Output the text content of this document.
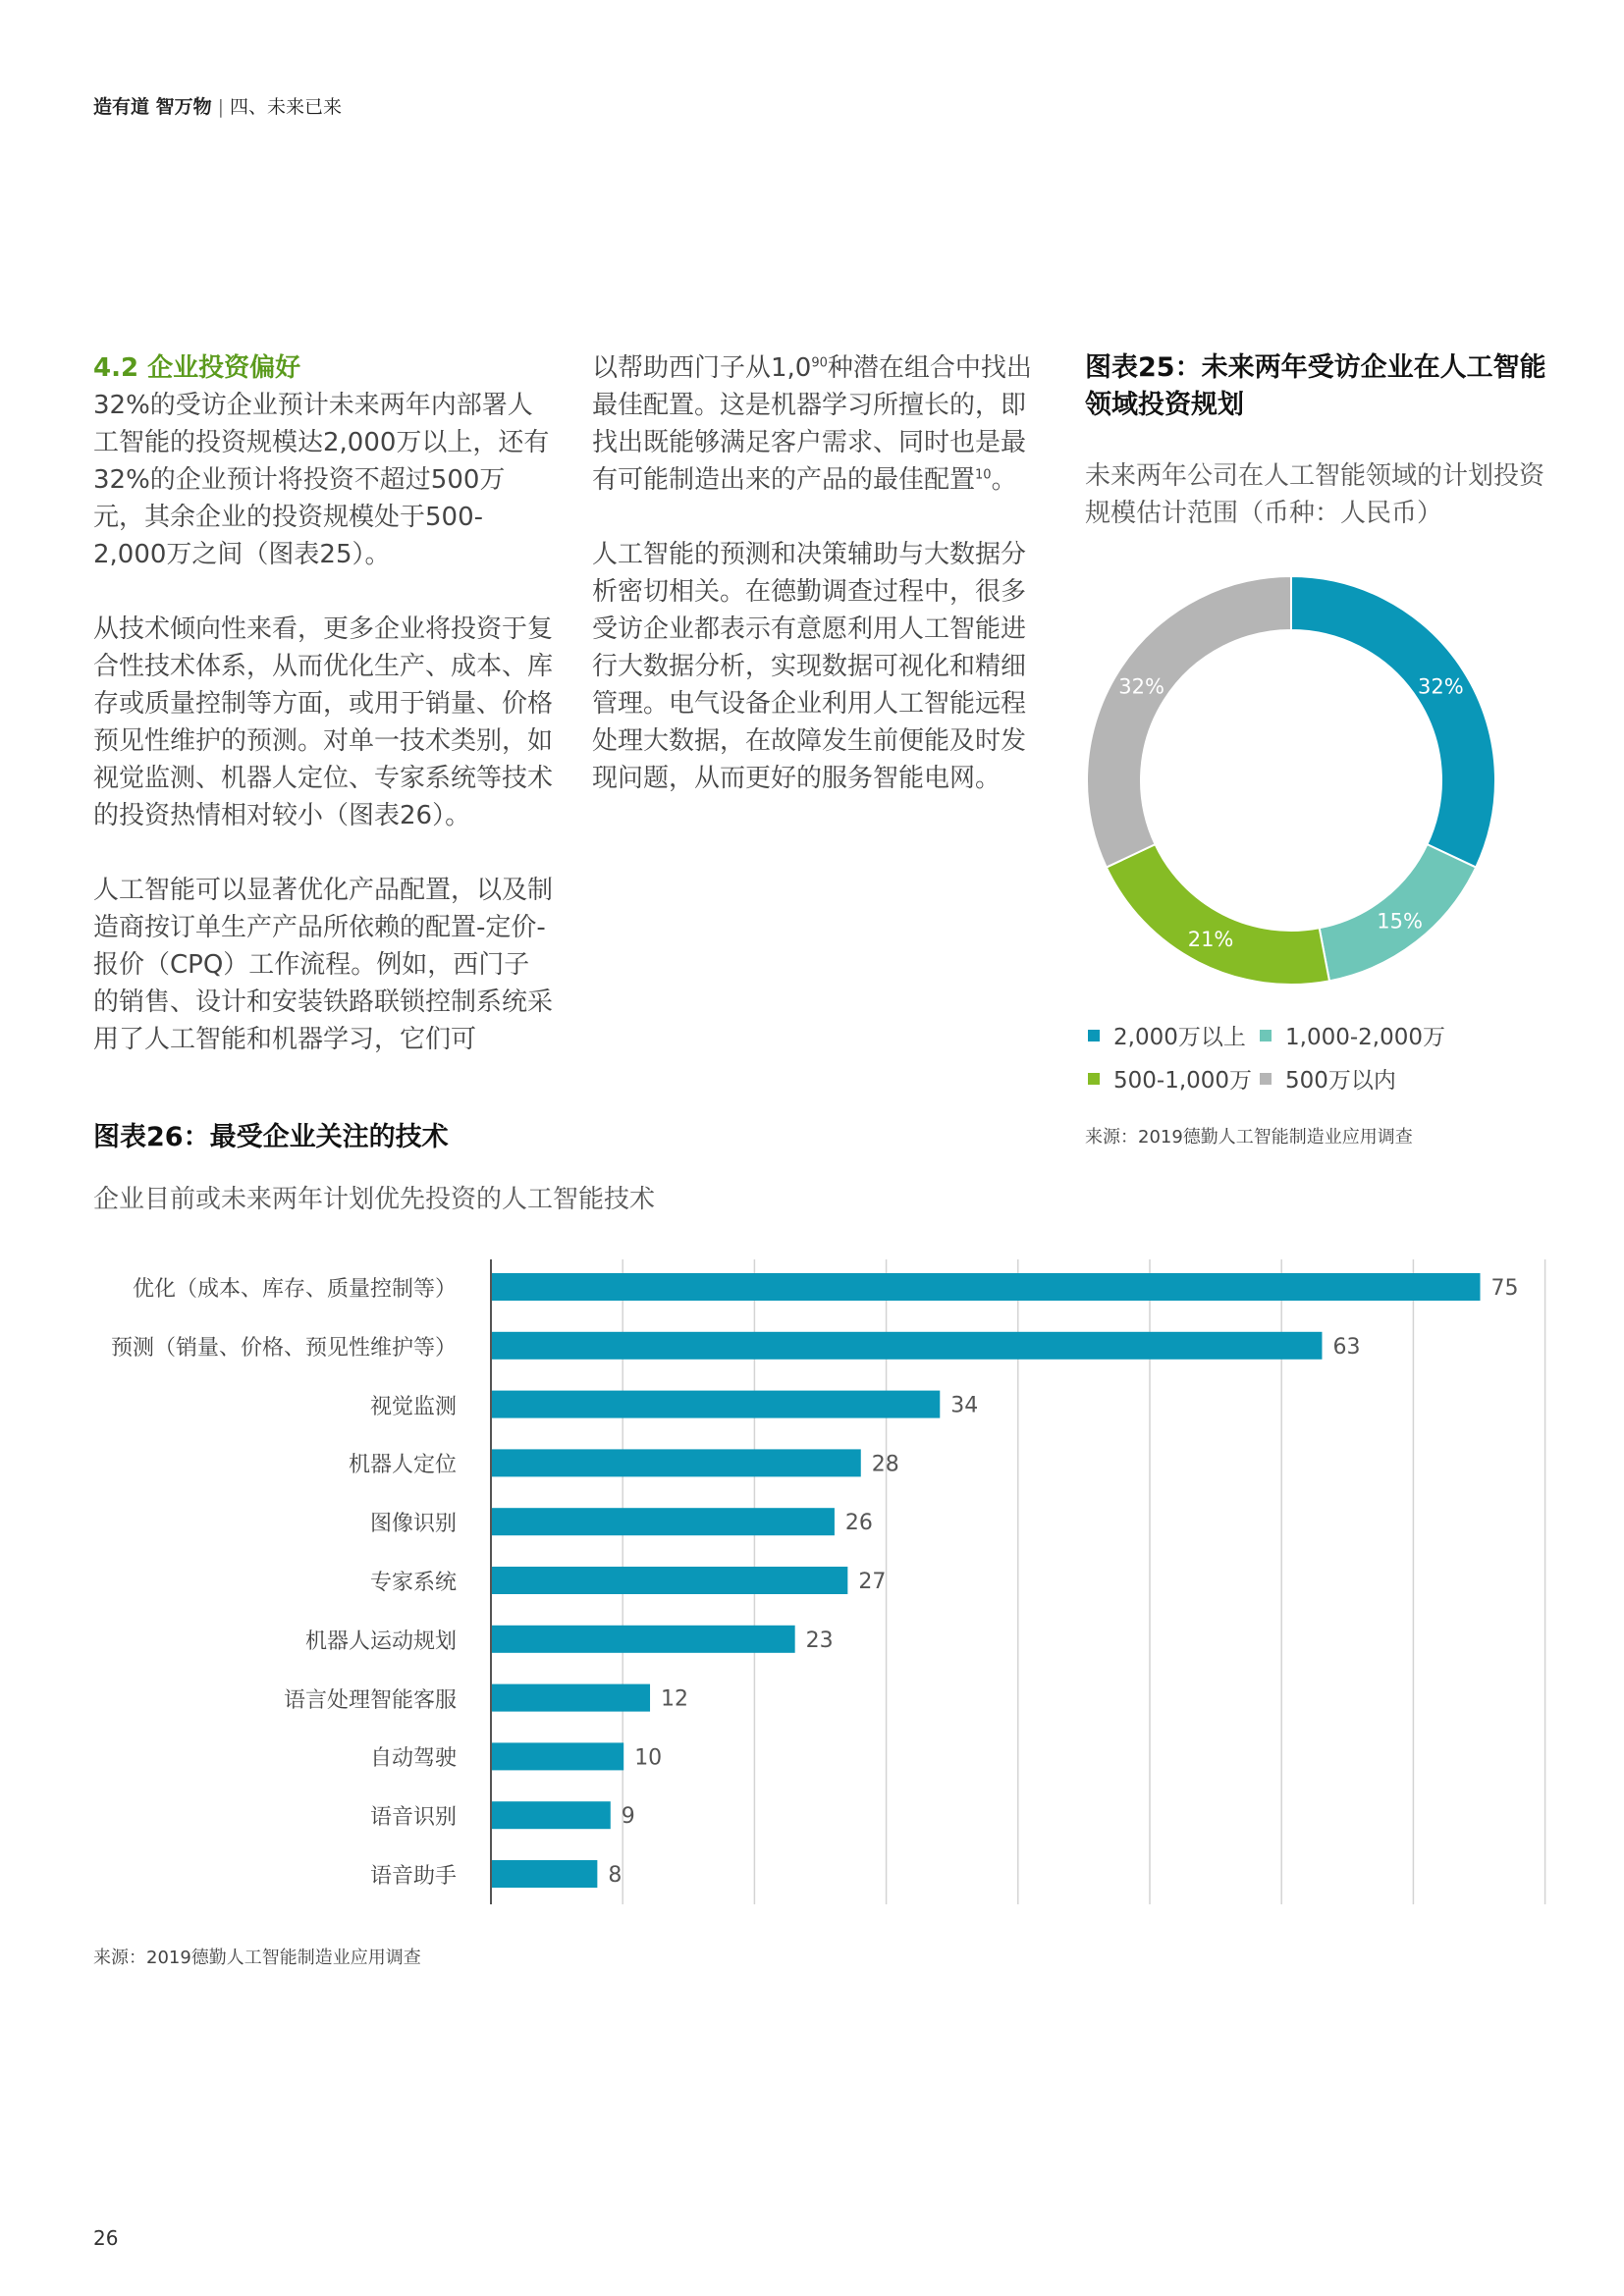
造有道 智万物 | 四、未来已来
4.2 企业投资偏好

32%的受访企业预计未来两年内部署人工智能的投资规模达2,000万以上，还有32%的企业预计将投资不超过500万元，其余企业的投资规模处于500-2,000万之间（图表25）。

从技术倾向性来看，更多企业将投资于复合性技术体系，从而优化生产、成本、库存或质量控制等方面，或用于销量、价格预见性维护的预测。对单一技术类别，如视觉监测、机器人定位、专家系统等技术的投资热情相对较小（图表26）。

人工智能可以显著优化产品配置，以及制造商按订单生产产品所依赖的配置-定价-报价（CPQ）工作流程。例如，西门子的销售、设计和安装铁路联锁控制系统采用了人工智能和机器学习，它们可

以帮助西门子从$1,0^{90}$种潜在组合中找出最佳配置。这是机器学习所擅长的，即找出既能够满足客户需求、同时也是最有可能制造出来的产品的最佳配置$^{10}$。

人工智能的预测和决策辅助与大数据分析密切相关。在德勤调查过程中，很多受访企业都表示有意愿利用人工智能进行大数据分析，实现数据可视化和精细管理。电气设备企业利用人工智能远程处理大数据，在故障发生前便能及时发现问题，从而更好的服务智能电网。

图表25：未来两年受访企业在人工智能领域投资规划
未来两年公司在人工智能领域的计划投资规模估计范围（币种：人民币）
32%
15%
21%
32%
2,000万以上 1,000-2,000万
500-1,000万 500万以内
来源：2019德勤人工智能制造业应用调查
图表26：最受企业关注的技术
企业目前或未来两年计划优先投资的人工智能技术
优化（成本、库存、质量控制等）
预测（销量、价格、预见性维护等）
视觉监测
机器人定位
图像识别
专家系统
机器人运动规划
语言处理智能客服
自动驾驶
语音识别
语音助手
75
63
34
28
26
27
23
12
10
9
8
来源：2019德勤人工智能制造业应用调查
26
